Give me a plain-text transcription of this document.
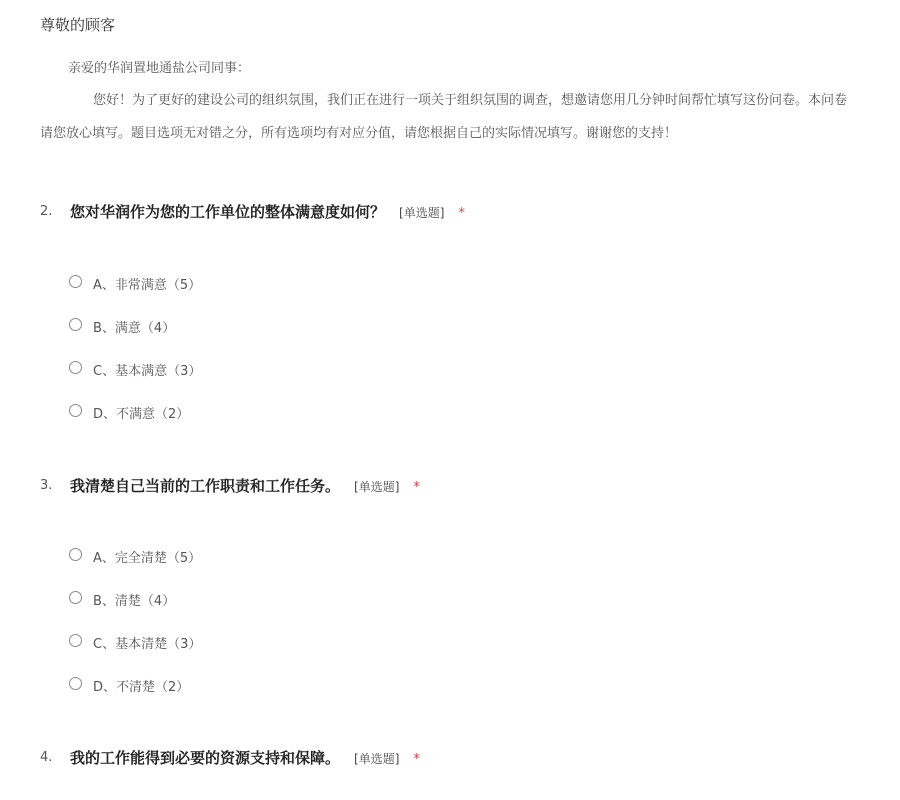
尊敬的顾客
亲爱的华润置地通盐公司同事：
您好！为了更好的建设公司的组织氛围，我们正在进行一项关于组织氛围的调查，想邀请您用几分钟时间帮忙填写这份问卷。本问卷
请您放心填写。题目选项无对错之分，所有选项均有对应分值，请您根据自己的实际情况填写。谢谢您的支持！
2. 您对华润作为您的工作单位的整体满意度如何？ [单选题] *
A、非常满意（5）
B、满意（4）
C、基本满意（3）
D、不满意（2）
3. 我清楚自己当前的工作职责和工作任务。 [单选题] *
A、完全清楚（5）
B、清楚（4）
C、基本清楚（3）
D、不清楚（2）
4. 我的工作能得到必要的资源支持和保障。 [单选题] *
